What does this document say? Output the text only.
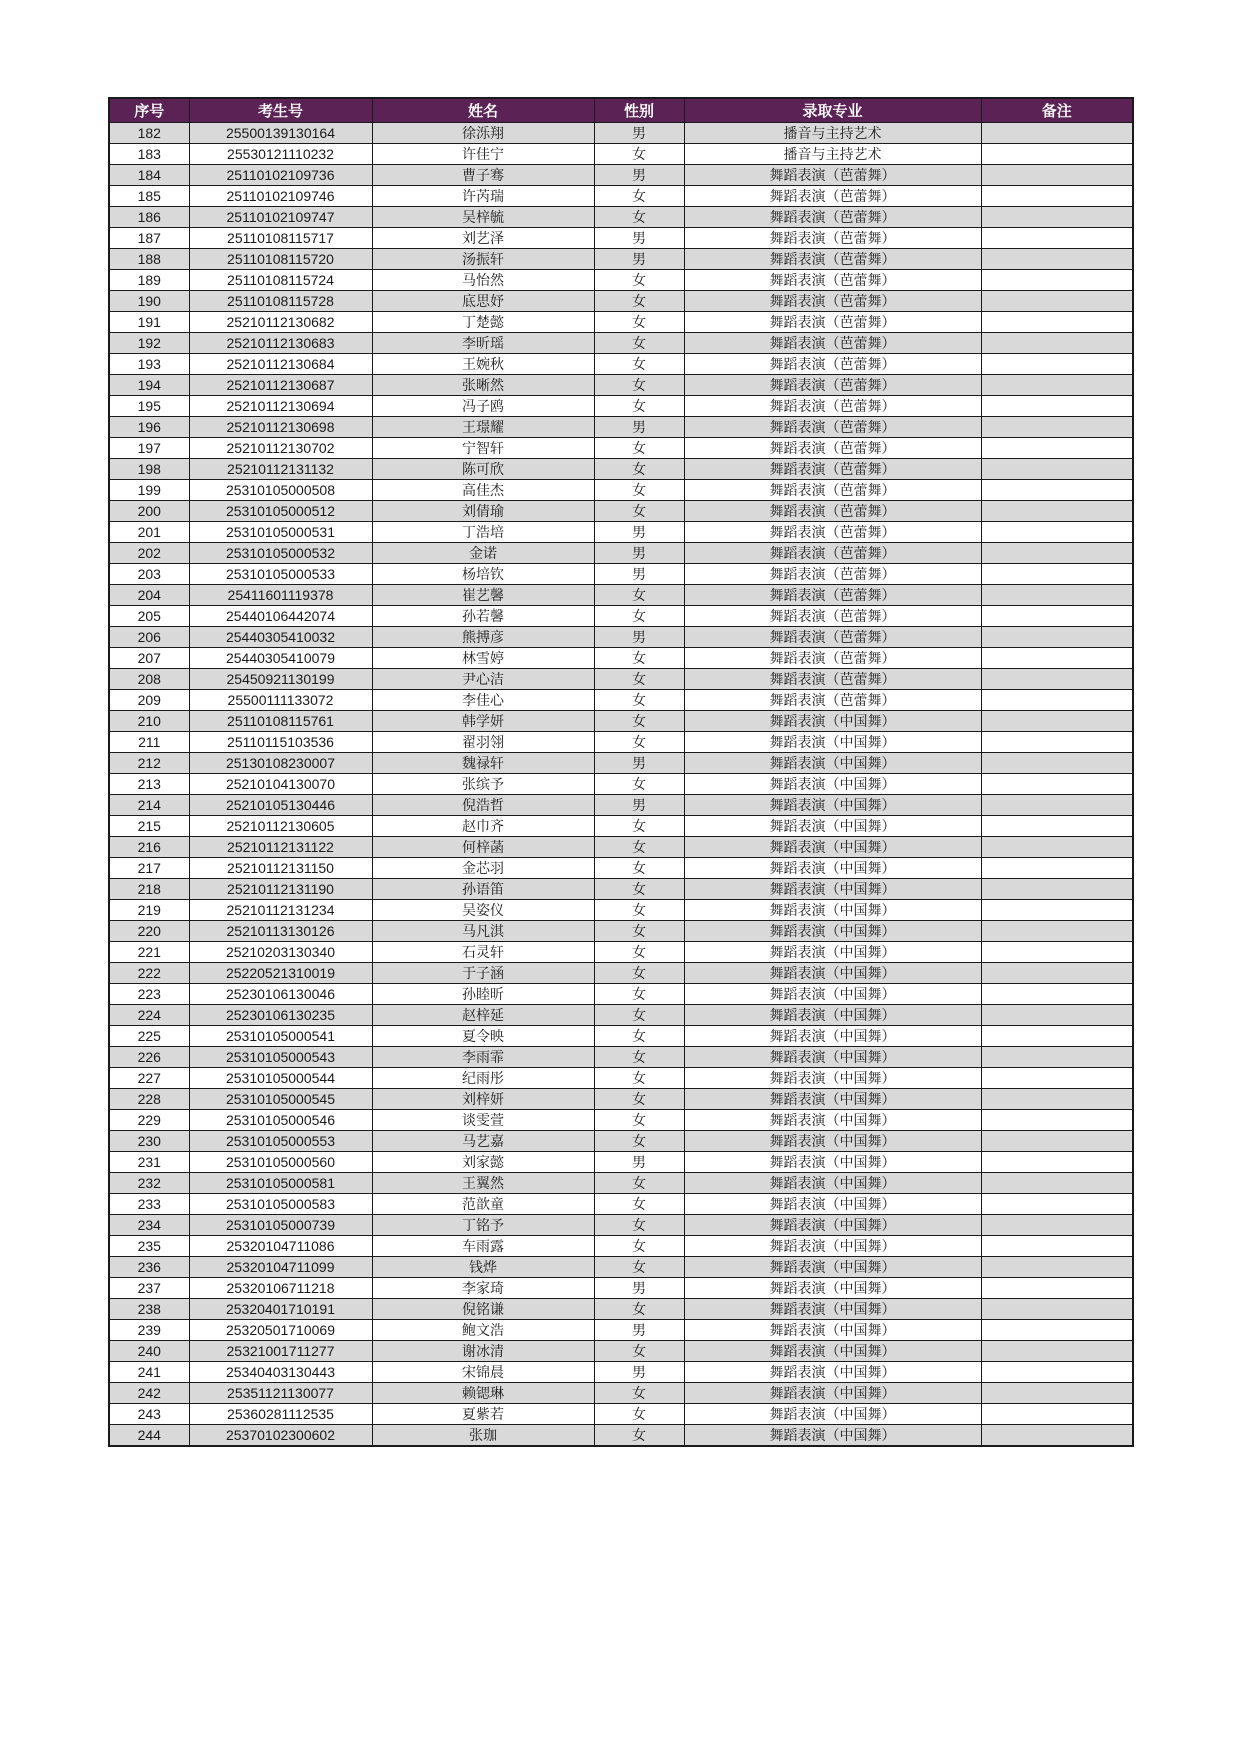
序号	考生号	姓名	性别	录取专业	备注
182	25500139130164	徐泺翔	男	播音与主持艺术	
183	25530121110232	许佳宁	女	播音与主持艺术	
184	25110102109736	曹子骞	男	舞蹈表演（芭蕾舞）	
185	25110102109746	许芮瑞	女	舞蹈表演（芭蕾舞）	
186	25110102109747	吴梓毓	女	舞蹈表演（芭蕾舞）	
187	25110108115717	刘艺泽	男	舞蹈表演（芭蕾舞）	
188	25110108115720	汤振轩	男	舞蹈表演（芭蕾舞）	
189	25110108115724	马怡然	女	舞蹈表演（芭蕾舞）	
190	25110108115728	底思妤	女	舞蹈表演（芭蕾舞）	
191	25210112130682	丁楚懿	女	舞蹈表演（芭蕾舞）	
192	25210112130683	李昕瑶	女	舞蹈表演（芭蕾舞）	
193	25210112130684	王婉秋	女	舞蹈表演（芭蕾舞）	
194	25210112130687	张晰然	女	舞蹈表演（芭蕾舞）	
195	25210112130694	冯子鸥	女	舞蹈表演（芭蕾舞）	
196	25210112130698	王璟耀	男	舞蹈表演（芭蕾舞）	
197	25210112130702	宁智轩	女	舞蹈表演（芭蕾舞）	
198	25210112131132	陈可欣	女	舞蹈表演（芭蕾舞）	
199	25310105000508	高佳杰	女	舞蹈表演（芭蕾舞）	
200	25310105000512	刘倩瑜	女	舞蹈表演（芭蕾舞）	
201	25310105000531	丁浩培	男	舞蹈表演（芭蕾舞）	
202	25310105000532	金诺	男	舞蹈表演（芭蕾舞）	
203	25310105000533	杨培钦	男	舞蹈表演（芭蕾舞）	
204	25411601119378	崔艺馨	女	舞蹈表演（芭蕾舞）	
205	25440106442074	孙若馨	女	舞蹈表演（芭蕾舞）	
206	25440305410032	熊搏彦	男	舞蹈表演（芭蕾舞）	
207	25440305410079	林雪婷	女	舞蹈表演（芭蕾舞）	
208	25450921130199	尹心洁	女	舞蹈表演（芭蕾舞）	
209	25500111133072	李佳心	女	舞蹈表演（芭蕾舞）	
210	25110108115761	韩学妍	女	舞蹈表演（中国舞）	
211	25110115103536	翟羽翎	女	舞蹈表演（中国舞）	
212	25130108230007	魏禄轩	男	舞蹈表演（中国舞）	
213	25210104130070	张缤予	女	舞蹈表演（中国舞）	
214	25210105130446	倪浩哲	男	舞蹈表演（中国舞）	
215	25210112130605	赵巾齐	女	舞蹈表演（中国舞）	
216	25210112131122	何梓菡	女	舞蹈表演（中国舞）	
217	25210112131150	金芯羽	女	舞蹈表演（中国舞）	
218	25210112131190	孙语笛	女	舞蹈表演（中国舞）	
219	25210112131234	吴姿仪	女	舞蹈表演（中国舞）	
220	25210113130126	马凡淇	女	舞蹈表演（中国舞）	
221	25210203130340	石灵轩	女	舞蹈表演（中国舞）	
222	25220521310019	于子涵	女	舞蹈表演（中国舞）	
223	25230106130046	孙睦昕	女	舞蹈表演（中国舞）	
224	25230106130235	赵梓延	女	舞蹈表演（中国舞）	
225	25310105000541	夏令映	女	舞蹈表演（中国舞）	
226	25310105000543	李雨霏	女	舞蹈表演（中国舞）	
227	25310105000544	纪雨彤	女	舞蹈表演（中国舞）	
228	25310105000545	刘梓妍	女	舞蹈表演（中国舞）	
229	25310105000546	谈雯萱	女	舞蹈表演（中国舞）	
230	25310105000553	马艺嘉	女	舞蹈表演（中国舞）	
231	25310105000560	刘家懿	男	舞蹈表演（中国舞）	
232	25310105000581	王翼然	女	舞蹈表演（中国舞）	
233	25310105000583	范歆童	女	舞蹈表演（中国舞）	
234	25310105000739	丁铭予	女	舞蹈表演（中国舞）	
235	25320104711086	车雨露	女	舞蹈表演（中国舞）	
236	25320104711099	钱烨	女	舞蹈表演（中国舞）	
237	25320106711218	李家琦	男	舞蹈表演（中国舞）	
238	25320401710191	倪铭谦	女	舞蹈表演（中国舞）	
239	25320501710069	鲍文浩	男	舞蹈表演（中国舞）	
240	25321001711277	谢冰清	女	舞蹈表演（中国舞）	
241	25340403130443	宋锦晨	男	舞蹈表演（中国舞）	
242	25351121130077	赖锶琳	女	舞蹈表演（中国舞）	
243	25360281112535	夏紫若	女	舞蹈表演（中国舞）	
244	25370102300602	张珈	女	舞蹈表演（中国舞）	
